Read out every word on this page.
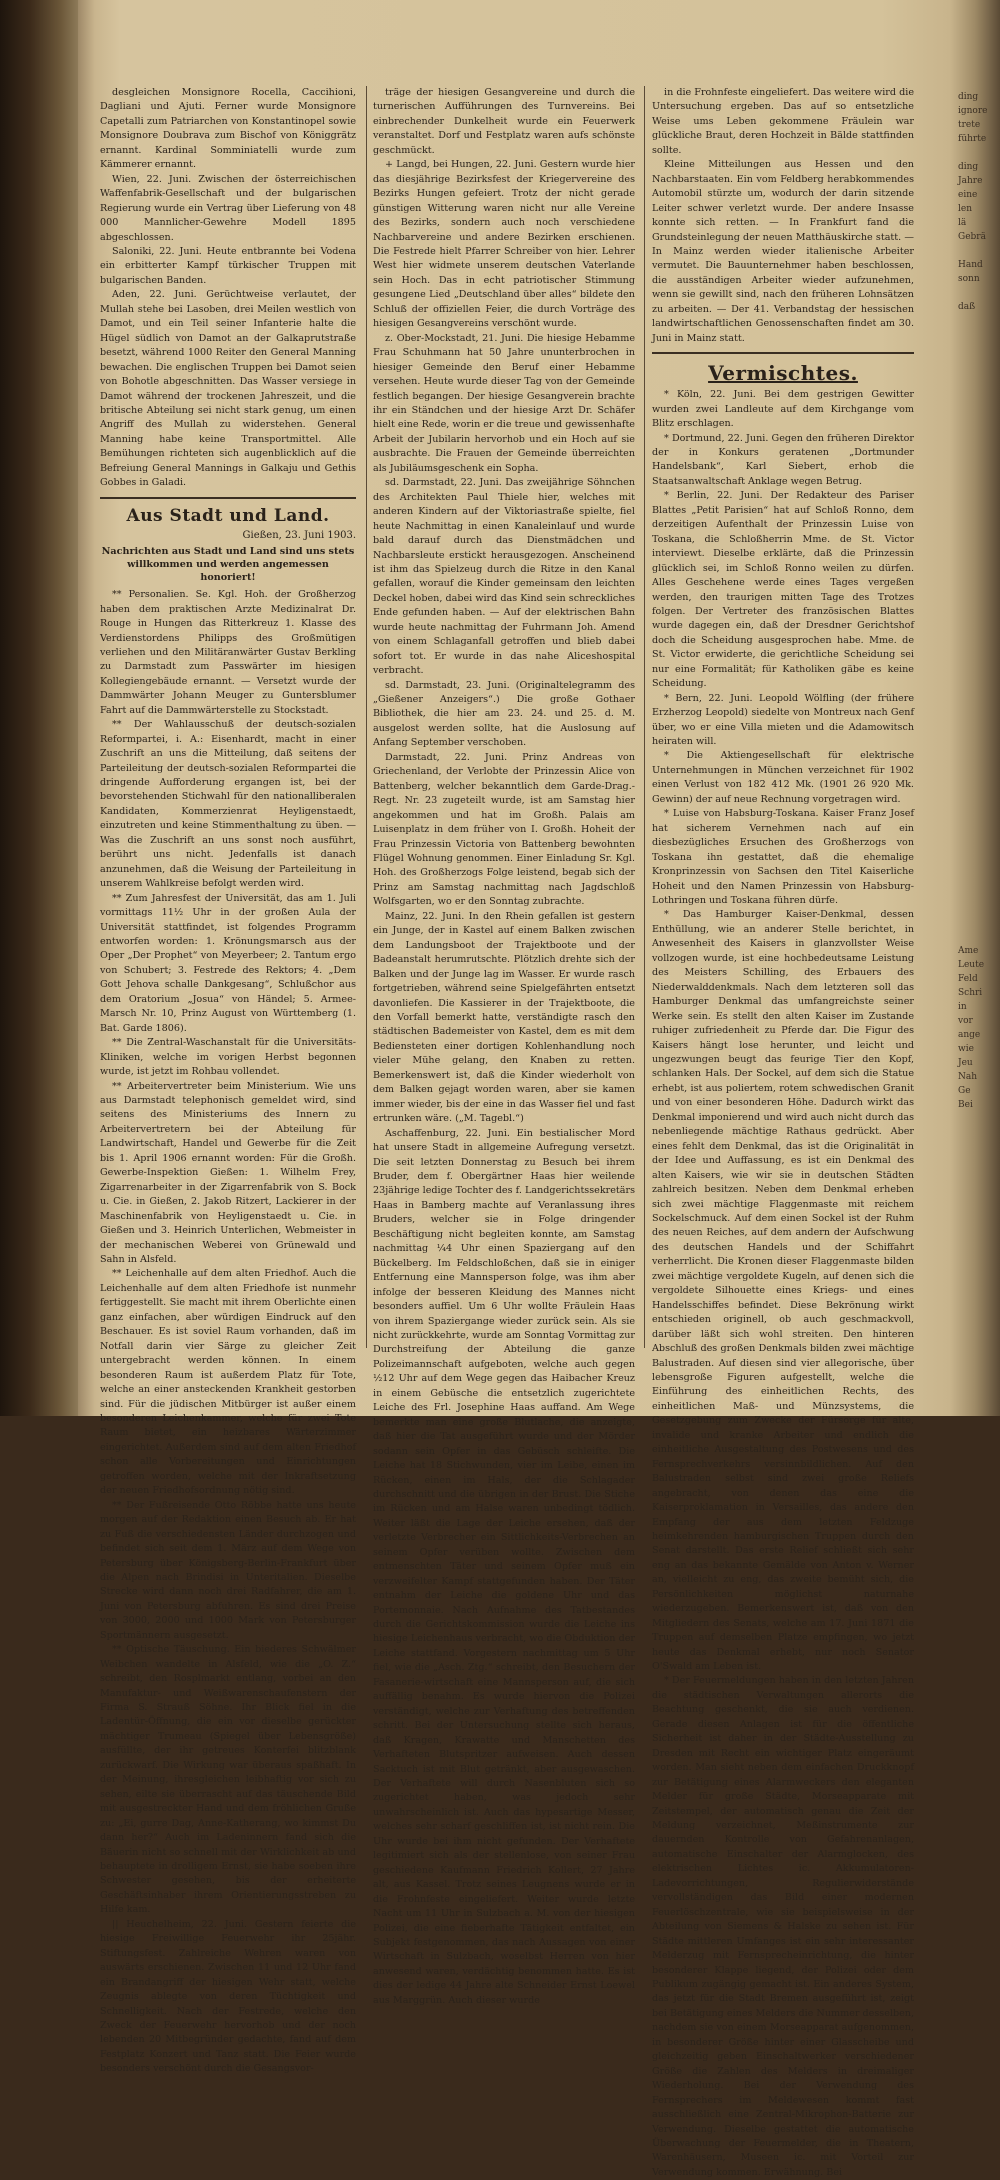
desgleichen Monsignore Rocella, Caccihioni, Dagliani und Ajuti. Ferner wurde Monsignore Capetalli zum Patriarchen von Konstantinopel sowie Monsignore Doubrava zum Bischof von Königgrätz ernannt. Kardinal Somminiatelli wurde zum Kämmerer ernannt.

Wien, 22. Juni. Zwischen der österreichischen Waffenfabrik-Gesellschaft und der bulgarischen Regierung wurde ein Vertrag über Lieferung von 48 000 Mannlicher-Gewehre Modell 1895 abgeschlossen.

Saloniki, 22. Juni. Heute entbrannte bei Vodena ein erbitterter Kampf türkischer Truppen mit bulgarischen Banden.

Aden, 22. Juni. Gerüchtweise verlautet, der Mullah stehe bei Lasoben, drei Meilen westlich von Damot, und ein Teil seiner Infanterie halte die Hügel südlich von Damot an der Galkaprutstraße besetzt, während 1000 Reiter den General Manning bewachen. Die englischen Truppen bei Damot seien von Bohotle abgeschnitten. Das Wasser versiege in Damot während der trockenen Jahreszeit, und die britische Abteilung sei nicht stark genug, um einen Angriff des Mullah zu widerstehen. General Manning habe keine Transportmittel. Alle Bemühungen richteten sich augenblicklich auf die Befreiung General Mannings in Galkaju und Gethis Gobbes in Galadi.

Aus Stadt und Land.
Gießen, 23. Juni 1903.
Nachrichten aus Stadt und Land sind uns stets willkommen und werden angemessen honoriert!

** Personalien. Se. Kgl. Hoh. der Großherzog haben dem praktischen Arzte Medizinalrat Dr. Rouge in Hungen das Ritterkreuz 1. Klasse des Verdienstordens Philipps des Großmütigen verliehen und den Militäranwärter Gustav Berkling zu Darmstadt zum Passwärter im hiesigen Kollegiengebäude ernannt. — Versetzt wurde der Dammwärter Johann Meuger zu Guntersblumer Fahrt auf die Dammwärterstelle zu Stockstadt.

** Der Wahlausschuß der deutsch-sozialen Reformpartei, i. A.: Eisenhardt, macht in einer Zuschrift an uns die Mitteilung, daß seitens der Parteileitung der deutsch-sozialen Reformpartei die dringende Aufforderung ergangen ist, bei der bevorstehenden Stichwahl für den nationalliberalen Kandidaten, Kommerzienrat Heyligenstaedt, einzutreten und keine Stimmenthaltung zu üben. — Was die Zuschrift an uns sonst noch ausführt, berührt uns nicht. Jedenfalls ist danach anzunehmen, daß die Weisung der Parteileitung in unserem Wahlkreise befolgt werden wird.

** Zum Jahresfest der Universität, das am 1. Juli vormittags 11½ Uhr in der großen Aula der Universität stattfindet, ist folgendes Programm entworfen worden: 1. Krönungsmarsch aus der Oper „Der Prophet“ von Meyerbeer; 2. Tantum ergo von Schubert; 3. Festrede des Rektors; 4. „Dem Gott Jehova schalle Dankgesang“, Schlußchor aus dem Oratorium „Josua“ von Händel; 5. Armee-Marsch Nr. 10, Prinz August von Württemberg (1. Bat. Garde 1806).

** Die Zentral-Waschanstalt für die Universitäts-Kliniken, welche im vorigen Herbst begonnen wurde, ist jetzt im Rohbau vollendet.

** Arbeitervertreter beim Ministerium. Wie uns aus Darmstadt telephonisch gemeldet wird, sind seitens des Ministeriums des Innern zu Arbeitervertretern bei der Abteilung für Landwirtschaft, Handel und Gewerbe für die Zeit bis 1. April 1906 ernannt worden: Für die Großh. Gewerbe-Inspektion Gießen: 1. Wilhelm Frey, Zigarrenarbeiter in der Zigarrenfabrik von S. Bock u. Cie. in Gießen, 2. Jakob Ritzert, Lackierer in der Maschinenfabrik von Heyligenstaedt u. Cie. in Gießen und 3. Heinrich Unterlichen, Webmeister in der mechanischen Weberei von Grünewald und Sahn in Alsfeld.

** Leichenhalle auf dem alten Friedhof. Auch die Leichenhalle auf dem alten Friedhofe ist nunmehr fertiggestellt. Sie macht mit ihrem Oberlichte einen ganz einfachen, aber würdigen Eindruck auf den Beschauer. Es ist soviel Raum vorhanden, daß im Notfall darin vier Särge zu gleicher Zeit untergebracht werden können. In einem besonderen Raum ist außerdem Platz für Tote, welche an einer ansteckenden Krankheit gestorben sind. Für die jüdischen Mitbürger ist außer einem besonderen Leichenkammer, welche für zwei Tote Raum bietet, ein heizbares Wärterzimmer eingerichtet. Außerdem sind auf dem alten Friedhof schon alle Vorbereitungen und Einrichtungen getroffen worden, welche mit der Inkraftsetzung der neuen Friedhofsordnung nötig sind.

** Der Fußreisende Otto Röbbe hatte uns heute morgen auf der Redaktion einen Besuch ab. Er hat zu Fuß die verschiedensten Länder durchzogen und befindet sich seit dem 1. März auf dem Wege von Petersburg über Königsberg-Berlin-Frankfurt über die Alpen nach Brindisi in Unteritalien. Dieselbe Strecke wird dann noch drei Radfahrer, die am 1. Juni von Petersburg abfuhren. Es sind drei Preise von 3000, 2000 und 1000 Mark von Petersburger Sportmännern ausgesetzt.

** Optische Täuschung. Ein biederes Schwälmer Weibchen wandelte in Alsfeld, wie die „O. Z.“ schreibt, den Rosplmarkt entlang, vorbei an den Manufaktur- und Weißwarenschaufenstern der Firma S. Strauß Söhne. Ihr Blick fiel in die Ladentür-Öffnung, die ein vor dieselbe gerückter mächtiger Trumeau (Spiegel über Lebensgröße) ausfüllte, der ihr getreues Konterfei blitzblank zurückwarf. Die Wirkung war überaus spaßhaft. In der Meinung, ihresgleichen leibhaftig vor sich zu sehen, eilte sie überrascht auf das täuschende Bild mit ausgestreckter Hand und dem fröhlichen Gruße zu: „Ei, gurre Dag, Anne-Katherang, wo kimmst Du dann her?“ Auch im Ladeninnern fand sich die Bäuerin nicht so schnell mit der Wirklichkeit ab und behauptete in drolligem Ernst, sie habe soeben ihre Schwester gesehen, bis der erheiterte Geschäftsinhaber ihrem Orientierungsstreben zu Hilfe kam.

|| Heuchelheim, 22. Juni. Gestern feierte die hiesige Freiwillige Feuerwehr ihr 25jähr. Stiftungsfest. Zahlreiche Wehren waren von auswärts erschienen. Zwischen 11 und 12 Uhr fand ein Brandangriff der hiesigen Wehr statt, welche Zeugnis ablegte von deren Tüchtigkeit und Schnelligkeit. Nach der Festrede, welche den Zweck der Feuerwehr hervorhob und der noch lebenden 20 Mitbegründer gedachte, fand auf dem Festplatz Konzert und Tanz statt. Die Feier wurde besonders verschönt durch die Gesangsvor-

träge der hiesigen Gesangvereine und durch die turnerischen Aufführungen des Turnvereins. Bei einbrechender Dunkelheit wurde ein Feuerwerk veranstaltet. Dorf und Festplatz waren aufs schönste geschmückt.

+ Langd, bei Hungen, 22. Juni. Gestern wurde hier das diesjährige Bezirksfest der Kriegervereine des Bezirks Hungen gefeiert. Trotz der nicht gerade günstigen Witterung waren nicht nur alle Vereine des Bezirks, sondern auch noch verschiedene Nachbarvereine und andere Bezirken erschienen. Die Festrede hielt Pfarrer Schreiber von hier. Lehrer West hier widmete unserem deutschen Vaterlande sein Hoch. Das in echt patriotischer Stimmung gesungene Lied „Deutschland über alles“ bildete den Schluß der offiziellen Feier, die durch Vorträge des hiesigen Gesangvereins verschönt wurde.

z. Ober-Mockstadt, 21. Juni. Die hiesige Hebamme Frau Schuhmann hat 50 Jahre ununterbrochen in hiesiger Gemeinde den Beruf einer Hebamme versehen. Heute wurde dieser Tag von der Gemeinde festlich begangen. Der hiesige Gesangverein brachte ihr ein Ständchen und der hiesige Arzt Dr. Schäfer hielt eine Rede, worin er die treue und gewissenhafte Arbeit der Jubilarin hervorhob und ein Hoch auf sie ausbrachte. Die Frauen der Gemeinde überreichten als Jubiläumsgeschenk ein Sopha.

sd. Darmstadt, 22. Juni. Das zweijährige Söhnchen des Architekten Paul Thiele hier, welches mit anderen Kindern auf der Viktoriastraße spielte, fiel heute Nachmittag in einen Kanaleinlauf und wurde bald darauf durch das Dienstmädchen und Nachbarsleute erstickt herausgezogen. Anscheinend ist ihm das Spielzeug durch die Ritze in den Kanal gefallen, worauf die Kinder gemeinsam den leichten Deckel hoben, dabei wird das Kind sein schreckliches Ende gefunden haben. — Auf der elektrischen Bahn wurde heute nachmittag der Fuhrmann Joh. Amend von einem Schlaganfall getroffen und blieb dabei sofort tot. Er wurde in das nahe Aliceshospital verbracht.

sd. Darmstadt, 23. Juni. (Originaltelegramm des „Gießener Anzeigers“.) Die große Gothaer Bibliothek, die hier am 23. 24. und 25. d. M. ausgelost werden sollte, hat die Auslosung auf Anfang September verschoben.

Darmstadt, 22. Juni. Prinz Andreas von Griechenland, der Verlobte der Prinzessin Alice von Battenberg, welcher bekanntlich dem Garde-Drag.-Regt. Nr. 23 zugeteilt wurde, ist am Samstag hier angekommen und hat im Großh. Palais am Luisenplatz in dem früher von I. Großh. Hoheit der Frau Prinzessin Victoria von Battenberg bewohnten Flügel Wohnung genommen. Einer Einladung Sr. Kgl. Hoh. des Großherzogs Folge leistend, begab sich der Prinz am Samstag nachmittag nach Jagdschloß Wolfsgarten, wo er den Sonntag zubrachte.

Mainz, 22. Juni. In den Rhein gefallen ist gestern ein Junge, der in Kastel auf einem Balken zwischen dem Landungsboot der Trajektboote und der Badeanstalt herumrutschte. Plötzlich drehte sich der Balken und der Junge lag im Wasser. Er wurde rasch fortgetrieben, während seine Spielgefährten entsetzt davonliefen. Die Kassierer in der Trajektboote, die den Vorfall bemerkt hatte, verständigte rasch den städtischen Bademeister von Kastel, dem es mit dem Bediensteten einer dortigen Kohlenhandlung noch vieler Mühe gelang, den Knaben zu retten. Bemerkenswert ist, daß die Kinder wiederholt von dem Balken gejagt worden waren, aber sie kamen immer wieder, bis der eine in das Wasser fiel und fast ertrunken wäre. („M. Tagebl.“)

Aschaffenburg, 22. Juni. Ein bestialischer Mord hat unsere Stadt in allgemeine Aufregung versetzt. Die seit letzten Donnerstag zu Besuch bei ihrem Bruder, dem f. Obergärtner Haas hier weilende 23jährige ledige Tochter des f. Landgerichtssekretärs Haas in Bamberg machte auf Veranlassung ihres Bruders, welcher sie in Folge dringender Beschäftigung nicht begleiten konnte, am Samstag nachmittag ¼4 Uhr einen Spaziergang auf den Bückelberg. Im Feldschloßchen, daß sie in einiger Entfernung eine Mannsperson folge, was ihm aber infolge der besseren Kleidung des Mannes nicht besonders auffiel. Um 6 Uhr wollte Fräulein Haas von ihrem Spaziergange wieder zurück sein. Als sie nicht zurückkehrte, wurde am Sonntag Vormittag zur Durchstreifung der Abteilung die ganze Polizeimannschaft aufgeboten, welche auch gegen ½12 Uhr auf dem Wege gegen das Haibacher Kreuz in einem Gebüsche die entsetzlich zugerichtete Leiche des Frl. Josephine Haas auffand. Am Wege bemerkte man eine große Blutlache, die anzeigte, daß hier die Tat ausgeführt wurde und der Mörder sodann sein Opfer in das Gebüsch schleifte. Die Leiche hat 18 Stichwunden, vier im Leibe, einen im Rücken, einen im Hals, der die Schlagader durchschnitt und die übrigen in der Brust. Die Stiche im Rücken und am Halse waren unbedingt tödlich. Weiter läßt die Lage der Leiche ersehen, daß der verletzte Verbrecher ein Sittlichkeits-Verbrechen an seinem Opfer verüben wollte. Zwischen dem entmenschten Täter und seinem Opfer muß ein verzweifelter Kampf stattgefunden haben. Der Täter entnahm der Leiche die goldene Uhr und das Portemonnaie. Nach Aufnahme des Tatbestandes durch die Gerichtskommission wurde die Leiche ins hiesige Leichenhaus verbracht, wo die Obduktion der Leiche stattfand. Vorgestern nachmittag um 5 Uhr fiel, wie die „Asch. Ztg.“ schreibt, den Besuchern der Fasanerie-wirtschaft eine Mannsperson auf, die sich auffällig benahm. Es wurde hiervon die Polizei verständigt, welche zur Verhaftung des betreffenden schritt. Bei der Untersuchung stellte sich heraus, daß Kragen, Krawatte und Manschetten des Verhafteten Blutspritzer aufweisen. Auch dessen Sacktuch ist mit Blut getränkt, aber ausgewaschen. Der Verhaftete will durch Nasenbluten sich so zugerichtet haben, was jedoch sehr unwahrscheinlich ist. Auch das hypesartige Messer, welches sehr scharf geschliffen ist, ist nicht rein. Die Uhr wurde bei ihm nicht gefunden. Der Verhaftete legitimiert sich als der stellenlose, von seiner Frau geschiedene Kaufmann Friedrich Kollert, 27 Jahre alt, aus Kassel. Trotz seines Leugnens wurde er in die Frohnfeste eingeliefert. Weiter wurde letzte Nacht um 11 Uhr in Sulzbach a. M. von der hiesigen Polizei, die eine fieberhafte Tätigkeit entfaltet, ein Subjekt festgenommen, das nach Aussagen von einer Wirtschaft in Sulzbach, woselbst Herren von hier anwesend waren, verdächtig benommen hatte. Es ist dies der ledige 44 Jahre alte Schneider Ernst Loewel aus Marggrün. Auch dieser wurde

in die Frohnfeste eingeliefert. Das weitere wird die Untersuchung ergeben. Das auf so entsetzliche Weise ums Leben gekommene Fräulein war glückliche Braut, deren Hochzeit in Bälde stattfinden sollte.

Kleine Mitteilungen aus Hessen und den Nachbarstaaten. Ein vom Feldberg herabkommendes Automobil stürzte um, wodurch der darin sitzende Leiter schwer verletzt wurde. Der andere Insasse konnte sich retten. — In Frankfurt fand die Grundsteinlegung der neuen Matthäuskirche statt. — In Mainz werden wieder italienische Arbeiter vermutet. Die Bauunternehmer haben beschlossen, die ausständigen Arbeiter wieder aufzunehmen, wenn sie gewillt sind, nach den früheren Lohnsätzen zu arbeiten. — Der 41. Verbandstag der hessischen landwirtschaftlichen Genossenschaften findet am 30. Juni in Mainz statt.

Vermischtes.

* Köln, 22. Juni. Bei dem gestrigen Gewitter wurden zwei Landleute auf dem Kirchgange vom Blitz erschlagen.

* Dortmund, 22. Juni. Gegen den früheren Direktor der in Konkurs geratenen „Dortmunder Handelsbank“, Karl Siebert, erhob die Staatsanwaltschaft Anklage wegen Betrug.

* Berlin, 22. Juni. Der Redakteur des Pariser Blattes „Petit Parisien“ hat auf Schloß Ronno, dem derzeitigen Aufenthalt der Prinzessin Luise von Toskana, die Schloßherrin Mme. de St. Victor interviewt. Dieselbe erklärte, daß die Prinzessin glücklich sei, im Schloß Ronno weilen zu dürfen. Alles Geschehene werde eines Tages vergeßen werden, den traurigen mitten Tage des Trotzes folgen. Der Vertreter des französischen Blattes wurde dagegen ein, daß der Dresdner Gerichtshof doch die Scheidung ausgesprochen habe. Mme. de St. Victor erwiderte, die gerichtliche Scheidung sei nur eine Formalität; für Katholiken gäbe es keine Scheidung.

* Bern, 22. Juni. Leopold Wölfling (der frühere Erzherzog Leopold) siedelte von Montreux nach Genf über, wo er eine Villa mieten und die Adamowitsch heiraten will.

* Die Aktiengesellschaft für elektrische Unternehmungen in München verzeichnet für 1902 einen Verlust von 182 412 Mk. (1901 26 920 Mk. Gewinn) der auf neue Rechnung vorgetragen wird.

* Luise von Habsburg-Toskana. Kaiser Franz Josef hat sicherem Vernehmen nach auf ein diesbezügliches Ersuchen des Großherzogs von Toskana ihn gestattet, daß die ehemalige Kronprinzessin von Sachsen den Titel Kaiserliche Hoheit und den Namen Prinzessin von Habsburg-Lothringen und Toskana führen dürfe.

* Das Hamburger Kaiser-Denkmal, dessen Enthüllung, wie an anderer Stelle berichtet, in Anwesenheit des Kaisers in glanzvollster Weise vollzogen wurde, ist eine hochbedeutsame Leistung des Meisters Schilling, des Erbauers des Niederwalddenkmals. Nach dem letzteren soll das Hamburger Denkmal das umfangreichste seiner Werke sein. Es stellt den alten Kaiser im Zustande ruhiger zufriedenheit zu Pferde dar. Die Figur des Kaisers hängt lose herunter, und leicht und ungezwungen beugt das feurige Tier den Kopf, schlanken Hals. Der Sockel, auf dem sich die Statue erhebt, ist aus poliertem, rotem schwedischen Granit und von einer besonderen Höhe. Dadurch wirkt das Denkmal imponierend und wird auch nicht durch das nebenliegende mächtige Rathaus gedrückt. Aber eines fehlt dem Denkmal, das ist die Originalität in der Idee und Auffassung, es ist ein Denkmal des alten Kaisers, wie wir sie in deutschen Städten zahlreich besitzen. Neben dem Denkmal erheben sich zwei mächtige Flaggenmaste mit reichem Sockelschmuck. Auf dem einen Sockel ist der Ruhm des neuen Reiches, auf dem andern der Aufschwung des deutschen Handels und der Schiffahrt verherrlicht. Die Kronen dieser Flaggenmaste bilden zwei mächtige vergoldete Kugeln, auf denen sich die vergoldete Silhouette eines Kriegs- und eines Handelsschiffes befindet. Diese Bekrönung wirkt entschieden originell, ob auch geschmackvoll, darüber läßt sich wohl streiten. Den hinteren Abschluß des großen Denkmals bilden zwei mächtige Balustraden. Auf diesen sind vier allegorische, über lebensgroße Figuren aufgestellt, welche die Einführung des einheitlichen Rechts, des einheitlichen Maß- und Münzsystems, die Gesetzgebung zum Zwecke der Fürsorge für alte, invalide und kranke Arbeiter und endlich die einheitliche Ausgestaltung des Postwesens und des Fernsprechverkehrs versinnbildlichen. Auf den Balustraden selbst sind zwei große Reliefs angebracht, von denen das eine die Kaiserproklamation in Versailles, das andere den Empfang der aus dem letzten Feldzuge heimkehrenden hamburgischen Truppen durch den Senat darstellt. Das erste Relief schließt sich sehr eng an das bekannte Gemälde von Anton v. Werner an, vielleicht zu eng, das zweite bemüht sich, die Persönlichkeiten möglichst naturnahe wiederzugeben. Bemerkenswert ist, daß von den Mitgliedern des Senats, welche am 17. Juni 1871 die Truppen auf demselben Platze empfingen, wo jetzt heute das Denkmal erhebt, nur noch Senator O'Swald am Leben ist.

* Der Feuermeldungen haben in den letzten Jahren die städtischen Verwaltungen allerorts die Beachtung geschenkt, die sie auch verdienen. Gerade diesen Anlagen ist für die öffentliche Sicherheit ist daher in der Städte-Ausstellung zu Dresden mit Recht ein wichtiger Platz eingeräumt worden. Man sieht neben dem einfachen Druckknopf zur Betätigung eines Alarmweckers den eleganten Melder für große Städte, Morseapparate mit Zeitstempel, der automatisch genau die Zeit der Meldung verzeichnet, Meßinstrumente zur dauernden Kontrolle von Gefahrenanlagen, automatische Einschalter der Alarmglocken, des elektrischen Lichtes ic. Akkumulatoren-Ladevorrichtungen, Regulierwiderstände vervollständigen das Bild einer modernen Feuerlöschzentrale, wie sie beispielsweise in der Abteilung von Siemens & Halske zu sehen ist. Für Städte mittleren Umfanges ist ein sehr interessanter Melderzug mit Fernsprecheinrichtung, die hinter besonderer Klappe liegend, der Polizei oder dem Publikum zugängig gemacht ist. Ein anderes System, das jetzt für die Stadt Bremen ausgeführt ist, zeigt bei Betätigung eines Melders die Nummer desselben, nachdem sie von einem Morseapparat aufgenommen, in besonderer Größe hinter einer Glasscheibe und gleichzeitig geben Einschaltwerker verschiedener Größe die Zahlen des Melders in dreimaliger Wiederholung. Bei der Verwendung des Fernsprechers im Meldewesen kommt fast ausschließlich eine Zentral-Mikrophon-Batterie zur Verwendung. Dieselbe gestattet die automatische Überwachung der Feuermelder, die in Theatern, Warenhäusern, Museen ic. mit Vorteil zur Verwendung kommen. Erwähnung. Bei

ding
ignore
trete
führte

ding
Jahre
eine
len
lä
Gebrä

Hand
sonn

daß

Ame
Leute
Feld
Schri
in
vor
ange
wie
Jeu
Nah
Ge
Bei
